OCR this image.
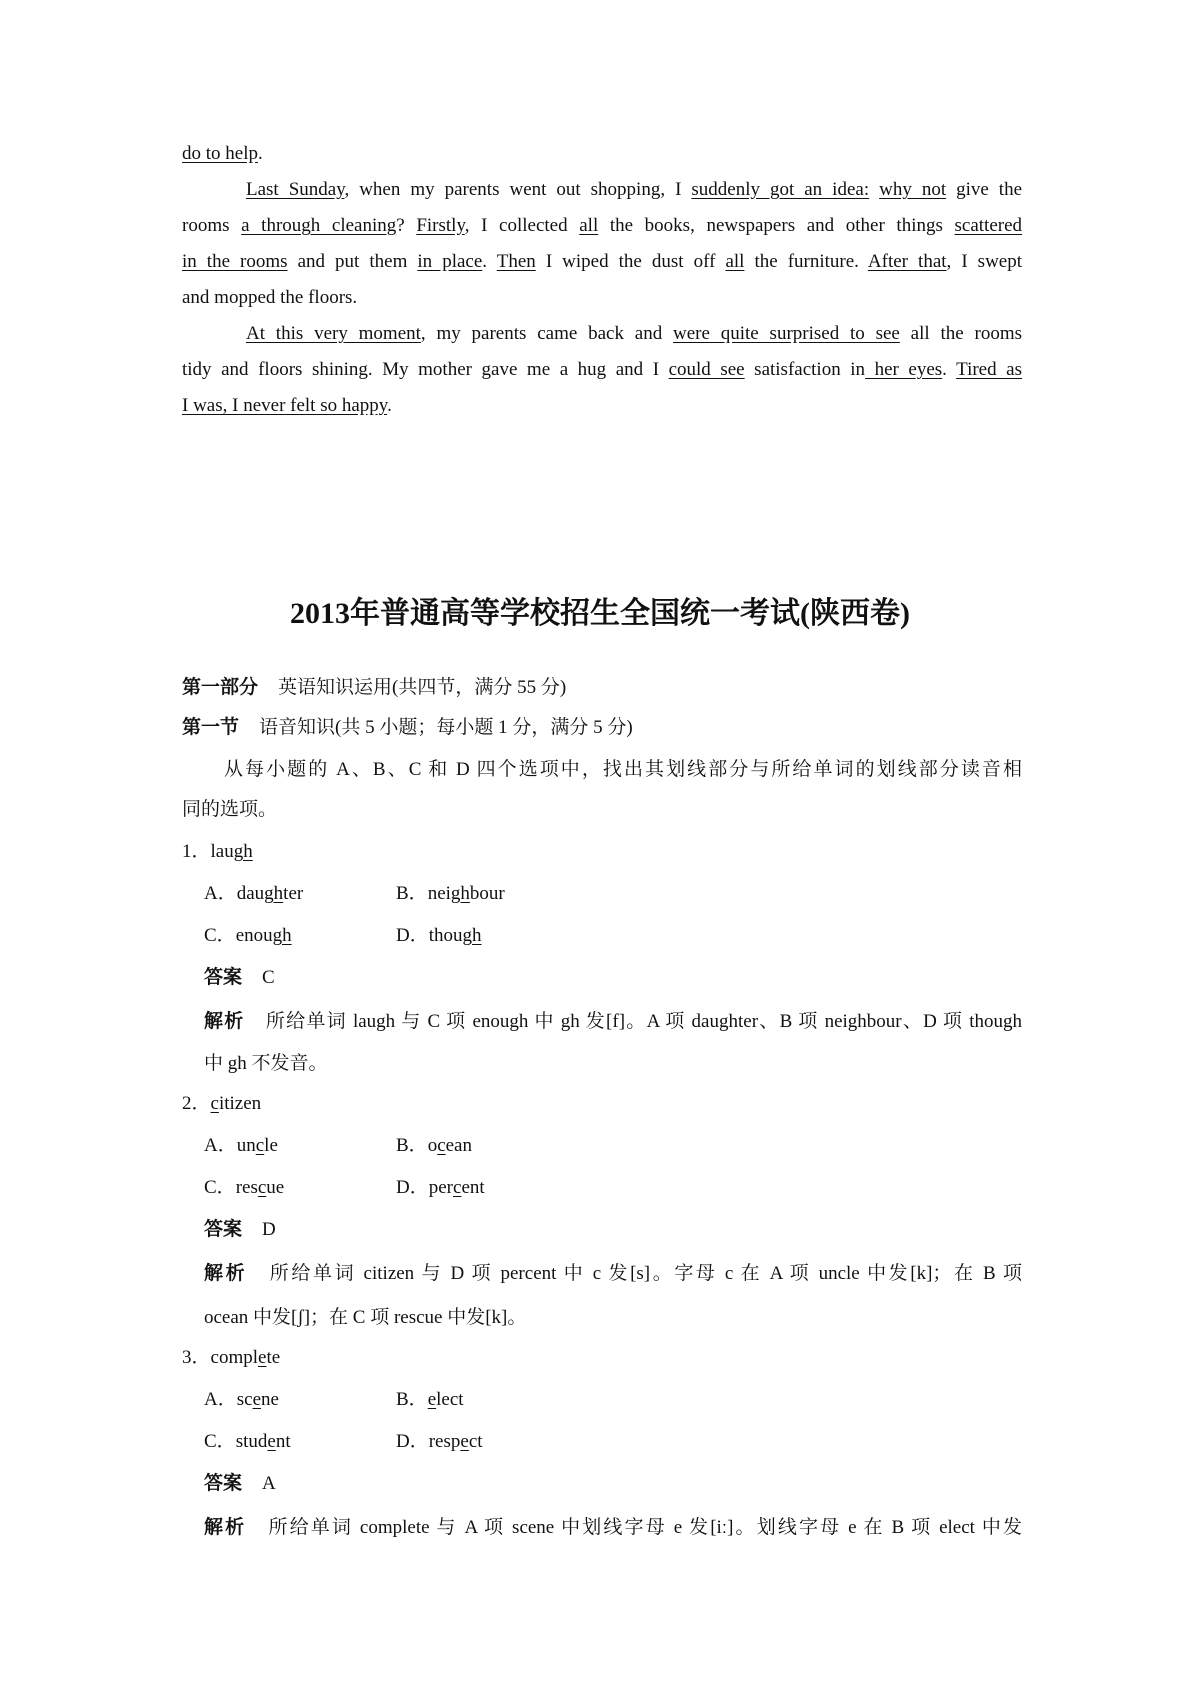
do to help.
Last Sunday, when my parents went out shopping, I suddenly got an idea: why not give the
rooms a through cleaning? Firstly, I collected all the books, newspapers and other things scattered
in the rooms and put them in place. Then I wiped the dust off all the furniture. After that, I swept
and mopped the floors.
At this very moment, my parents came back and were quite surprised to see all the rooms
tidy and floors shining. My mother gave me a hug and I could see satisfaction in her eyes. Tired as
I was, I never felt so happy.
2013年普通高等学校招生全国统一考试(陕西卷)
第一部分 英语知识运用(共四节，满分 55 分)
第一节 语音知识(共 5 小题；每小题 1 分，满分 5 分)
从每小题的 A、B、C 和 D 四个选项中，找出其划线部分与所给单词的划线部分读音相
同的选项。
1．laugh
A．daughter	B．neighbour
C．enough	D．though
答案 C
解析 所给单词 laugh 与 C 项 enough 中 gh 发[f]。A 项 daughter、B 项 neighbour、D 项 though
中 gh 不发音。
2．citizen
A．uncle	B．ocean
C．rescue	D．percent
答案 D
解析 所给单词 citizen 与 D 项 percent 中 c 发[s]。字母 c 在 A 项 uncle 中发[k]；在 B 项
ocean 中发[ʃ]；在 C 项 rescue 中发[k]。
3．complete
A．scene	B．elect
C．student	D．respect
答案 A
解析 所给单词 complete 与 A 项 scene 中划线字母 e 发[iː]。划线字母 e 在 B 项 elect 中发
